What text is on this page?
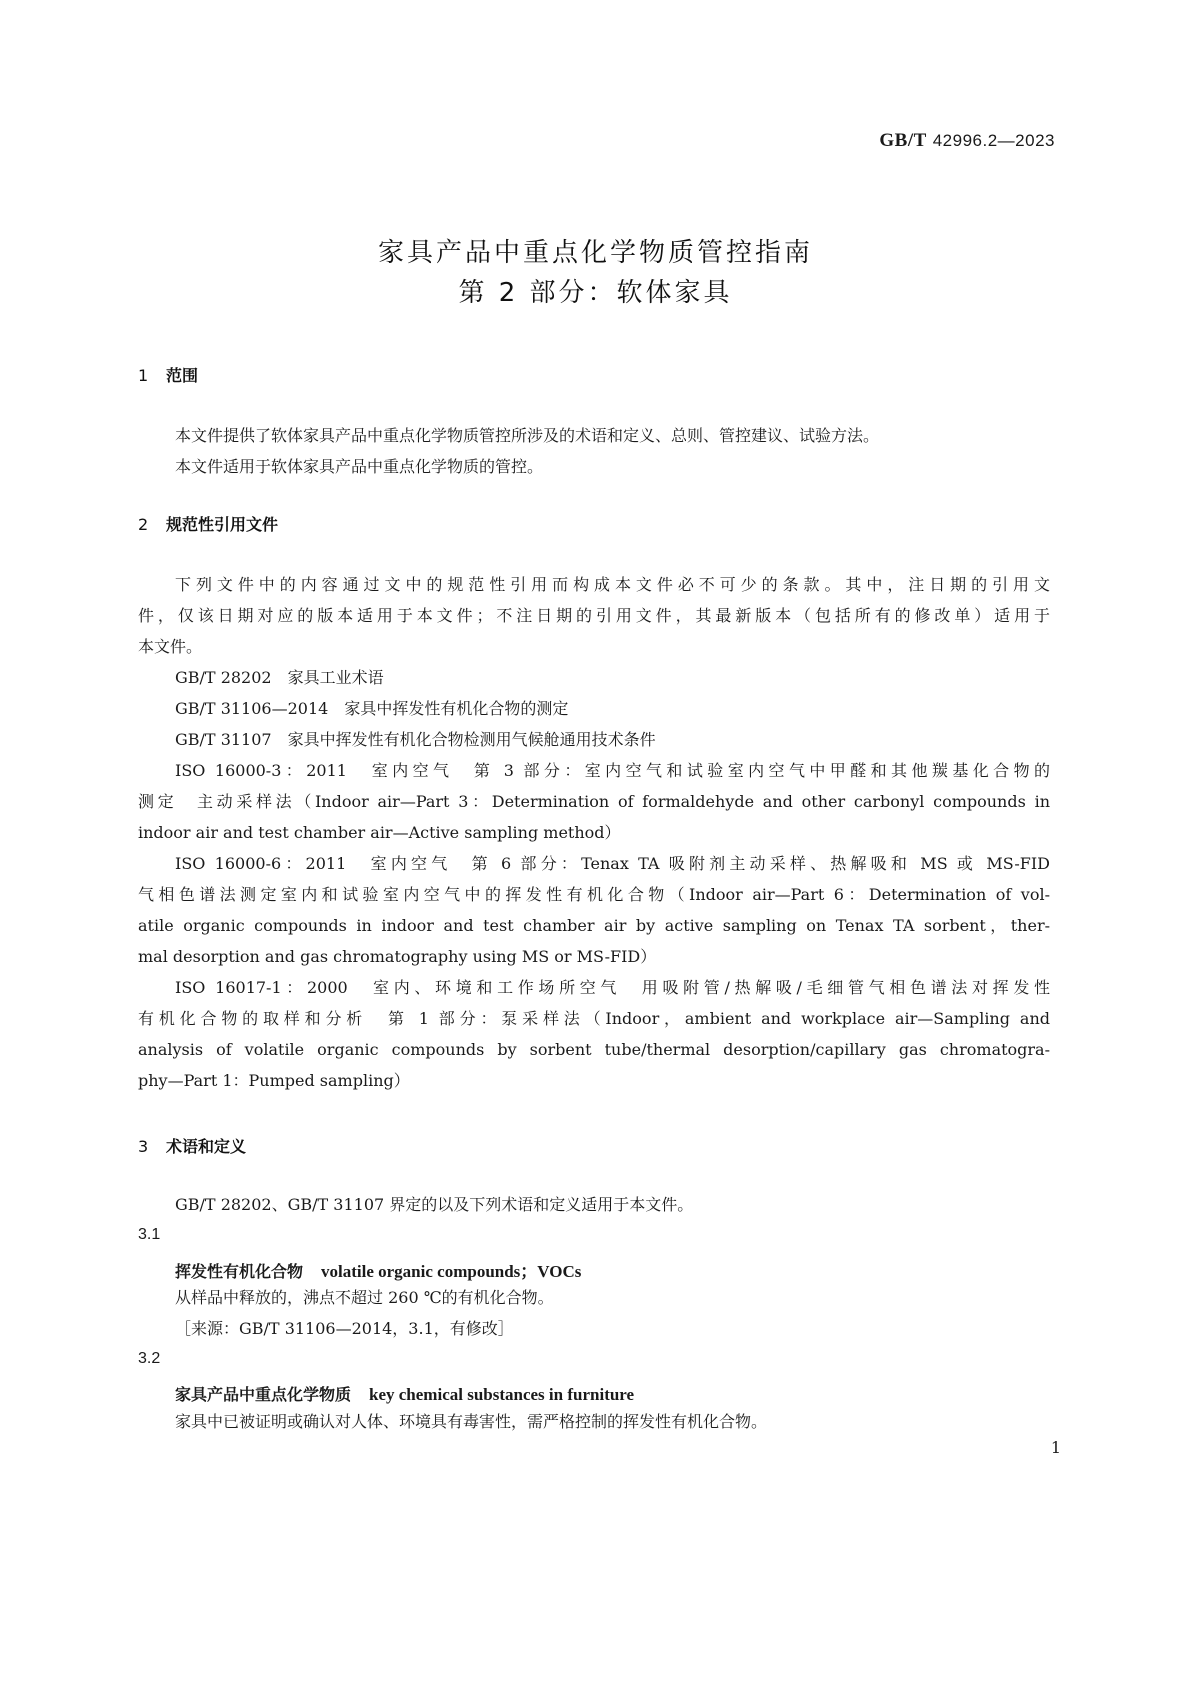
GB/T 42996.2—2023
家具产品中重点化学物质管控指南
第 2 部分：软体家具
1 范围
本文件提供了软体家具产品中重点化学物质管控所涉及的术语和定义、总则、管控建议、试验方法。
本文件适用于软体家具产品中重点化学物质的管控。
2 规范性引用文件
下列文件中的内容通过文中的规范性引用而构成本文件必不可少的条款。其中，注日期的引用文
件，仅该日期对应的版本适用于本文件；不注日期的引用文件，其最新版本（包括所有的修改单）适用于
本文件。
GB/T 28202 家具工业术语
GB/T 31106—2014 家具中挥发性有机化合物的测定
GB/T 31107 家具中挥发性有机化合物检测用气候舱通用技术条件
ISO 16000-3：2011　室内空气　第 3 部分：室内空气和试验室内空气中甲醛和其他羰基化合物的
测定　主动采样法（Indoor air—Part 3：Determination of formaldehyde and other carbonyl compounds in
indoor air and test chamber air—Active sampling method）
ISO 16000-6：2011　室内空气　第 6 部分：Tenax TA 吸附剂主动采样、热解吸和 MS 或 MS-FID
气相色谱法测定室内和试验室内空气中的挥发性有机化合物（Indoor air—Part 6：Determination of vol-
atile organic compounds in indoor and test chamber air by active sampling on Tenax TA sorbent，ther-
mal desorption and gas chromatography using MS or MS-FID）
ISO 16017-1：2000　室内、环境和工作场所空气　用吸附管/热解吸/毛细管气相色谱法对挥发性
有机化合物的取样和分析　第 1 部分：泵采样法（Indoor，ambient and workplace air—Sampling and
analysis of volatile organic compounds by sorbent tube/thermal desorption/capillary gas chromatogra-
phy—Part 1：Pumped sampling）
3 术语和定义
GB/T 28202、GB/T 31107 界定的以及下列术语和定义适用于本文件。
3.1
挥发性有机化合物 volatile organic compounds；VOCs
从样品中释放的，沸点不超过 260 ℃的有机化合物。
［来源：GB/T 31106—2014，3.1，有修改］
3.2
家具产品中重点化学物质 key chemical substances in furniture
家具中已被证明或确认对人体、环境具有毒害性，需严格控制的挥发性有机化合物。
1
